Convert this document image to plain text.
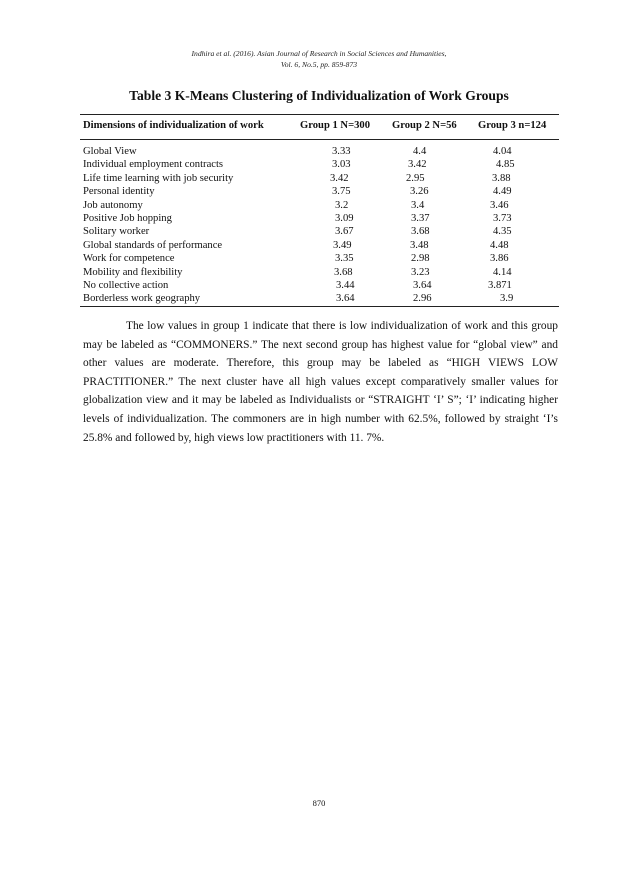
Indhira et al. (2016). Asian Journal of Research in Social Sciences and Humanities,
Vol. 6, No.5, pp. 859-873
Table 3 K-Means Clustering of Individualization of Work Groups
Dimensions of individualization of work	Group 1 N=300 Group 2 N=56 Group 3 n=124
Global View	3.33	4.4	4.04
Individual employment contracts	3.03	3.42	4.85
Life time learning with job security	3.42	2.95	3.88
Personal identity	3.75	3.26	4.49
Job autonomy	3.2	3.4	3.46
Positive Job hopping	3.09	3.37	3.73
Solitary worker	3.67	3.68	4.35
Global standards of performance	3.49	3.48	4.48
Work for competence	3.35	2.98	3.86
Mobility and flexibility	3.68	3.23	4.14
No collective action	3.44	3.64	3.871
Borderless work geography	3.64	2.96	3.9

The low values in group 1 indicate that there is low individualization of work and this group may be labeled as “COMMONERS.” The next second group has highest value for “global view” and other values are moderate. Therefore, this group may be labeled as “HIGH VIEWS LOW PRACTITIONER.” The next cluster have all high values except comparatively smaller values for globalization view and it may be labeled as Individualists or “STRAIGHT ‘I’ S”; ‘I’ indicating higher levels of individualization. The commoners are in high number with 62.5%, followed by straight ‘I’s 25.8% and followed by, high views low practitioners with 11. 7%.

870
